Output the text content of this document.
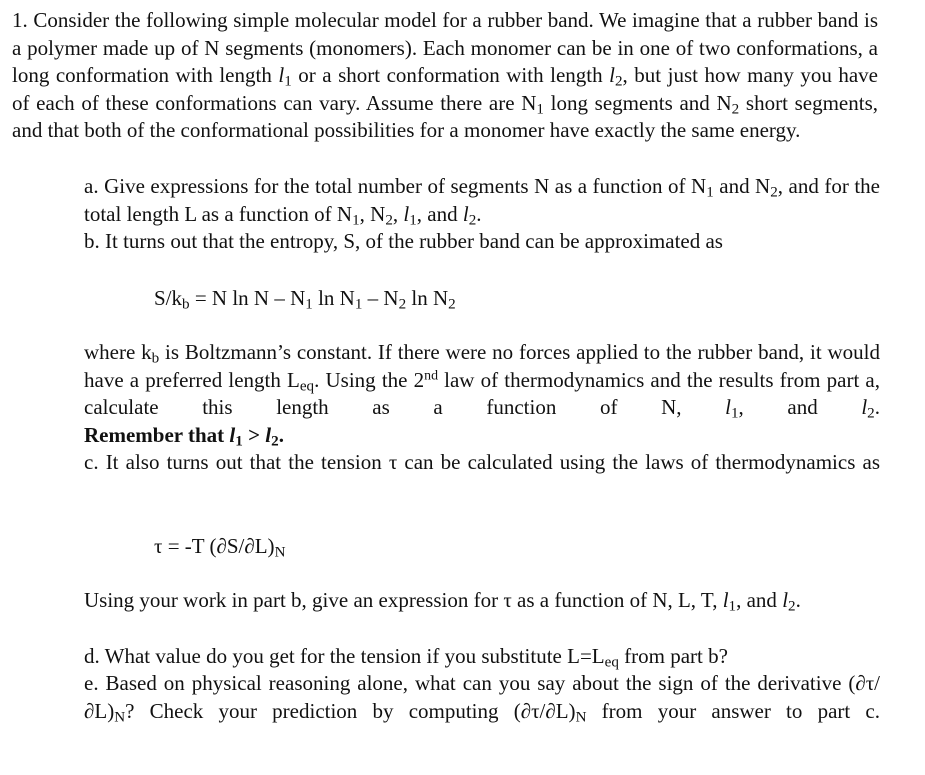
1. Consider the following simple molecular model for a rubber band. We imagine that a rubber band is a polymer made up of N segments (monomers). Each monomer can be in one of two conformations, a long conformation with length $l_1$ or a short conformation with length $l_2$, but just how many you have of each of these conformations can vary. Assume there are $N_1$ long segments and $N_2$ short segments, and that both of the conformational possibilities for a monomer have exactly the same energy.

a. Give expressions for the total number of segments N as a function of $N_1$ and $N_2$, and for the total length L as a function of $N_1$, $N_2$, $l_1$, and $l_2$.

b. It turns out that the entropy, S, of the rubber band can be approximated as

$S/k_b = N$ ln N – $N_1$ $\ln N_1 - N_2$ $\ln N_2$

where $k_b$ is Boltzmann’s constant. If there were no forces applied to the rubber band, it would have a preferred length $L_{eq}$. Using the 2nd law of thermodynamics and the results from part a, calculate this length as a function of N, $l_1$, and $l_2$.

Remember that $l_1 > l_2$.

c. It also turns out that the tension τ can be calculated using the laws of thermodynamics as

τ = -T $(\partial S/\partial L)_N$

Using your work in part b, give an expression for τ as a function of N, L, T, $l_1$, and $l_2$.

d. What value do you get for the tension if you substitute $L=L_{eq}$ from part b?

e. Based on physical reasoning alone, what can you say about the sign of the derivative $(\partial\tau/\partial L)_N$? Check your prediction by computing $(\partial\tau/\partial L)_N$ from your answer to part c.
